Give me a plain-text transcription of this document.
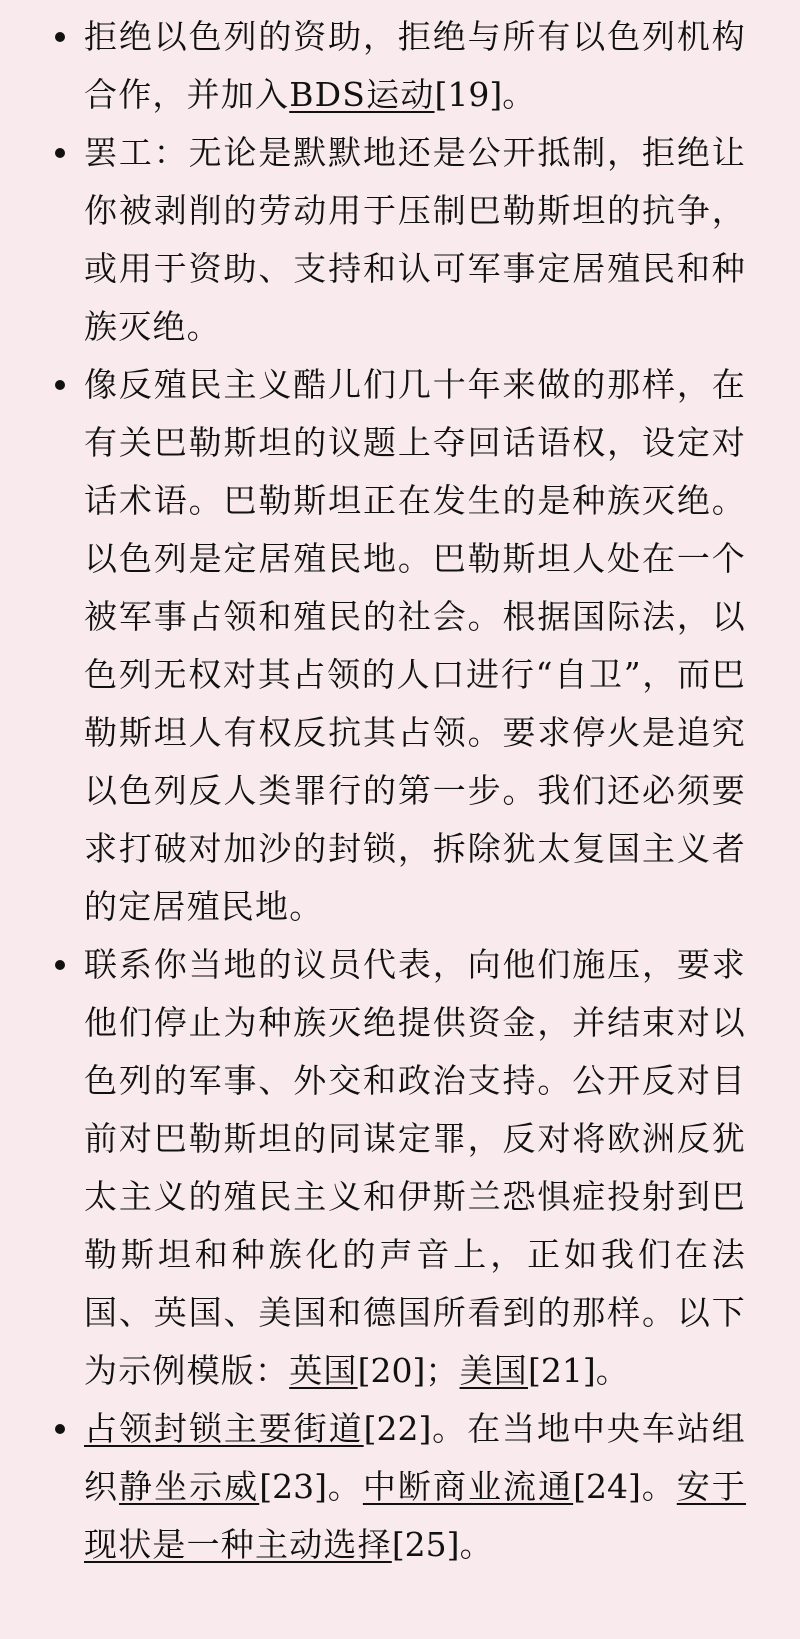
拒绝以色列的资助，拒绝与所有以色列机构合作，并加入BDS运动[19]。
罢工：无论是默默地还是公开抵制，拒绝让你被剥削的劳动用于压制巴勒斯坦的抗争，或用于资助、支持和认可军事定居殖民和种族灭绝。
像反殖民主义酷儿们几十年来做的那样，在有关巴勒斯坦的议题上夺回话语权，设定对话术语。巴勒斯坦正在发生的是种族灭绝。以色列是定居殖民地。巴勒斯坦人处在一个被军事占领和殖民的社会。根据国际法，以色列无权对其占领的人口进行“自卫”，而巴勒斯坦人有权反抗其占领。要求停火是追究以色列反人类罪行的第一步。我们还必须要求打破对加沙的封锁，拆除犹太复国主义者的定居殖民地。
联系你当地的议员代表，向他们施压，要求他们停止为种族灭绝提供资金，并结束对以色列的军事、外交和政治支持。公开反对目前对巴勒斯坦的同谋定罪，反对将欧洲反犹太主义的殖民主义和伊斯兰恐惧症投射到巴勒斯坦和种族化的声音上，正如我们在法国、英国、美国和德国所看到的那样。以下为示例模版：英国[20]；美国[21]。
占领封锁主要街道[22]。在当地中央车站组织静坐示威[23]。中断商业流通[24]。安于现状是一种主动选择[25]。
